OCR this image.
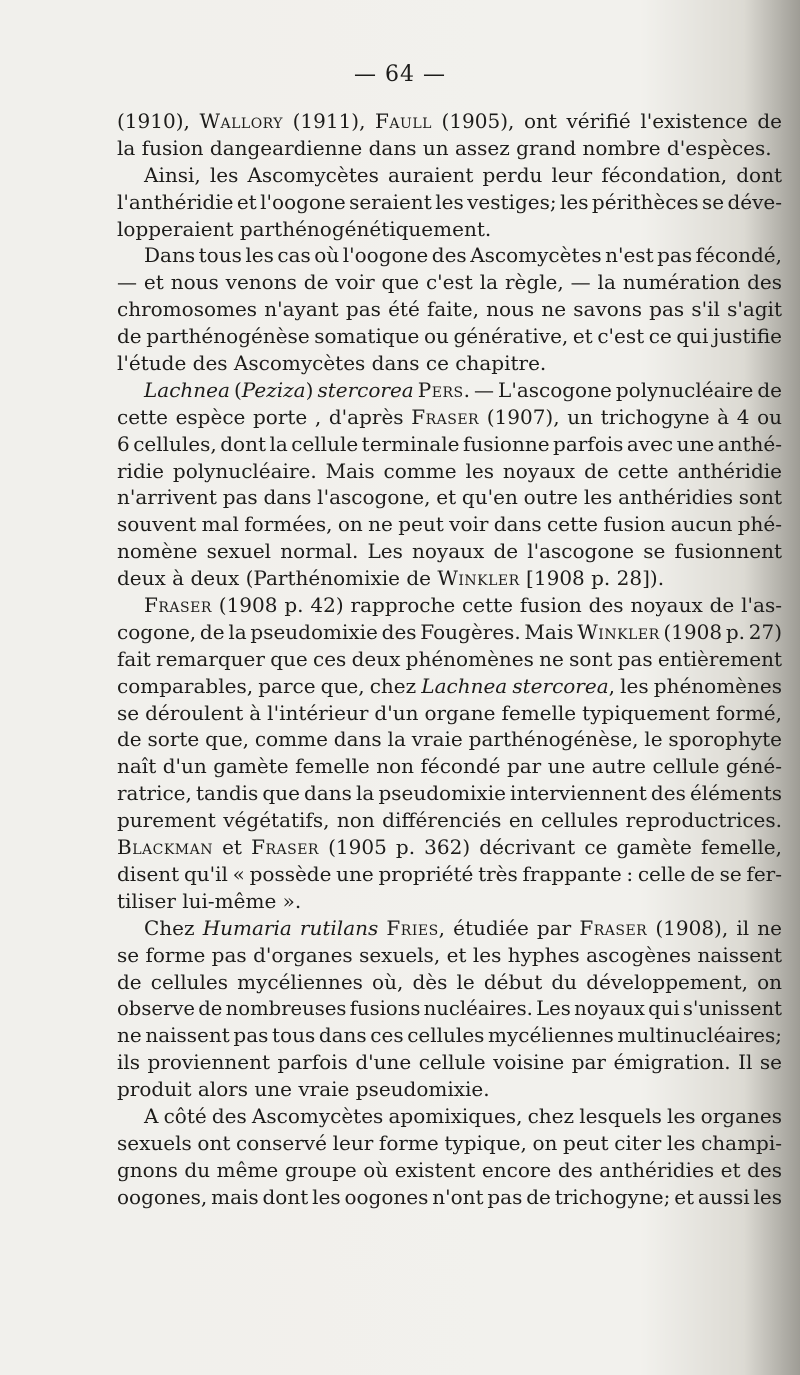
— 64 —
(1910), Wallory (1911), Faull (1905), ont vérifié l'existence de
la fusion dangeardienne dans un assez grand nombre d'espèces.
Ainsi, les Ascomycètes auraient perdu leur fécondation, dont
l'anthéridie et l'oogone seraient les vestiges; les périthèces se déve-
lopperaient parthénogénétiquement.
Dans tous les cas où l'oogone des Ascomycètes n'est pas fécondé,
— et nous venons de voir que c'est la règle, — la numération des
chromosomes n'ayant pas été faite, nous ne savons pas s'il s'agit
de parthénogénèse somatique ou générative, et c'est ce qui justifie
l'étude des Ascomycètes dans ce chapitre.
Lachnea (Peziza) stercorea Pers. — L'ascogone polynucléaire de
cette espèce porte , d'après Fraser (1907), un trichogyne à 4 ou
6 cellules, dont la cellule terminale fusionne parfois avec une anthé-
ridie polynucléaire. Mais comme les noyaux de cette anthéridie
n'arrivent pas dans l'ascogone, et qu'en outre les anthéridies sont
souvent mal formées, on ne peut voir dans cette fusion aucun phé-
nomène sexuel normal. Les noyaux de l'ascogone se fusionnent
deux à deux (Parthénomixie de Winkler [1908 p. 28]).
Fraser (1908 p. 42) rapproche cette fusion des noyaux de l'as-
cogone, de la pseudomixie des Fougères. Mais Winkler (1908 p. 27)
fait remarquer que ces deux phénomènes ne sont pas entièrement
comparables, parce que, chez Lachnea stercorea, les phénomènes
se déroulent à l'intérieur d'un organe femelle typiquement formé,
de sorte que, comme dans la vraie parthénogénèse, le sporophyte
naît d'un gamète femelle non fécondé par une autre cellule géné-
ratrice, tandis que dans la pseudomixie interviennent des éléments
purement végétatifs, non différenciés en cellules reproductrices.
Blackman et Fraser (1905 p. 362) décrivant ce gamète femelle,
disent qu'il « possède une propriété très frappante : celle de se fer-
tiliser lui-même ».
Chez Humaria rutilans Fries, étudiée par Fraser (1908), il ne
se forme pas d'organes sexuels, et les hyphes ascogènes naissent
de cellules mycéliennes où, dès le début du développement, on
observe de nombreuses fusions nucléaires. Les noyaux qui s'unissent
ne naissent pas tous dans ces cellules mycéliennes multinucléaires;
ils proviennent parfois d'une cellule voisine par émigration. Il se
produit alors une vraie pseudomixie.
A côté des Ascomycètes apomixiques, chez lesquels les organes
sexuels ont conservé leur forme typique, on peut citer les champi-
gnons du même groupe où existent encore des anthéridies et des
oogones, mais dont les oogones n'ont pas de trichogyne; et aussi les
